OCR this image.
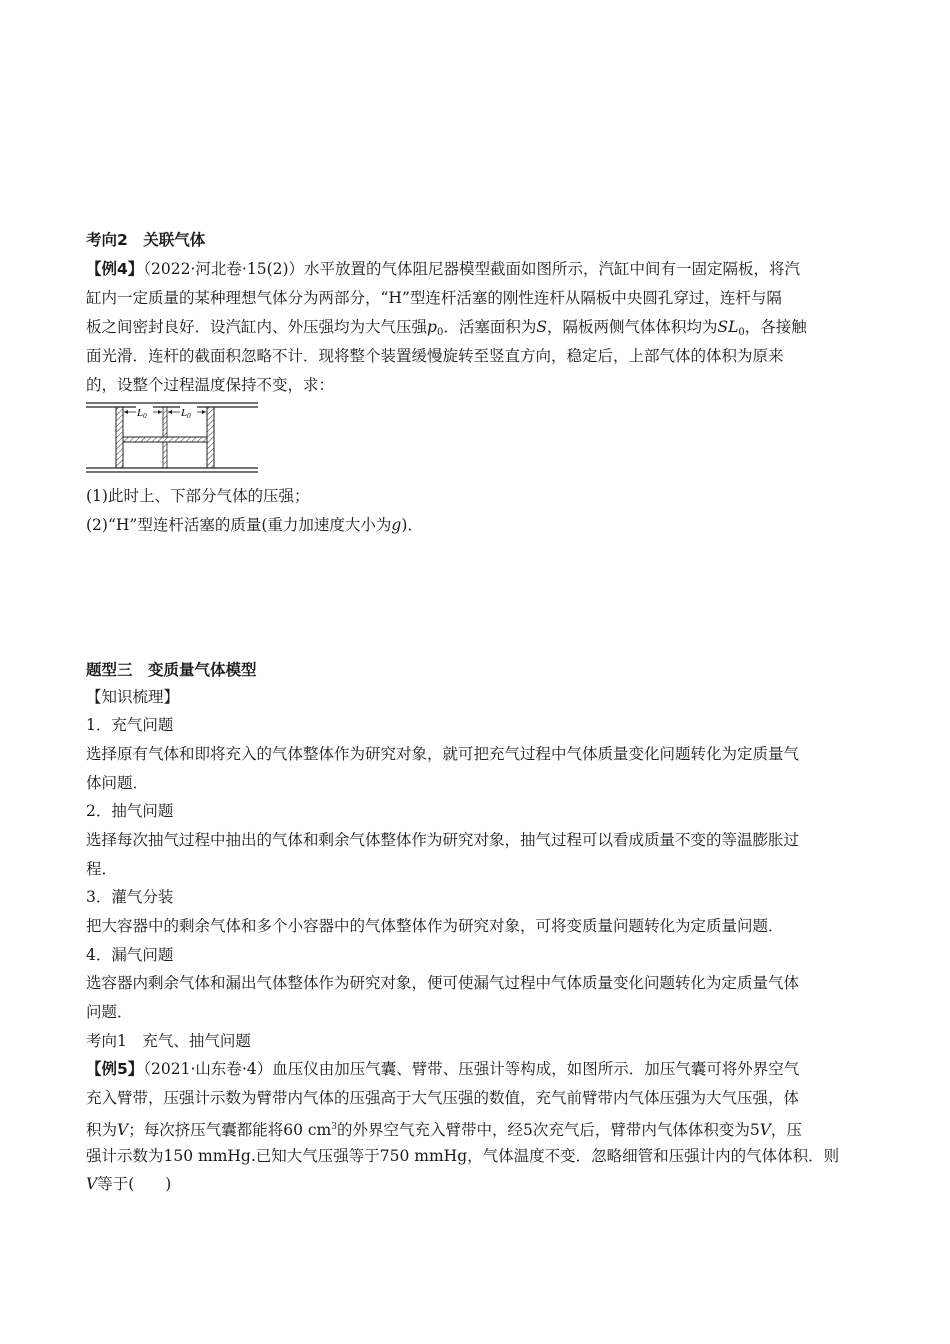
考向2　关联气体
【例4】（2022·河北卷·15(2)）水平放置的气体阻尼器模型截面如图所示，汽缸中间有一固定隔板，将汽
缸内一定质量的某种理想气体分为两部分，“H”型连杆活塞的刚性连杆从隔板中央圆孔穿过，连杆与隔
板之间密封良好．设汽缸内、外压强均为大气压强$p_0$．活塞面积为S，隔板两侧气体体积均为$SL_0$，各接触
面光滑．连杆的截面积忽略不计．现将整个装置缓慢旋转至竖直方向，稳定后，上部气体的体积为原来
的，设整个过程温度保持不变，求：
L0	L0
(1)此时上、下部分气体的压强；
(2)“H”型连杆活塞的质量(重力加速度大小为g)．
题型三　变质量气体模型
【知识梳理】
1．充气问题
选择原有气体和即将充入的气体整体作为研究对象，就可把充气过程中气体质量变化问题转化为定质量气
体问题．
2．抽气问题
选择每次抽气过程中抽出的气体和剩余气体整体作为研究对象，抽气过程可以看成质量不变的等温膨胀过
程．
3．灌气分装
把大容器中的剩余气体和多个小容器中的气体整体作为研究对象，可将变质量问题转化为定质量问题．
4．漏气问题
选容器内剩余气体和漏出气体整体作为研究对象，便可使漏气过程中气体质量变化问题转化为定质量气体
问题．
考向1　充气、抽气问题
【例5】（2021·山东卷·4）血压仪由加压气囊、臂带、压强计等构成，如图所示．加压气囊可将外界空气
充入臂带，压强计示数为臂带内气体的压强高于大气压强的数值，充气前臂带内气体压强为大气压强，体
积为V；每次挤压气囊都能将60 $cm^3$的外界空气充入臂带中，经5次充气后，臂带内气体体积变为5V，压
强计示数为150 mmHg.已知大气压强等于750 mmHg，气体温度不变．忽略细管和压强计内的气体体积．则
V等于(　　)
